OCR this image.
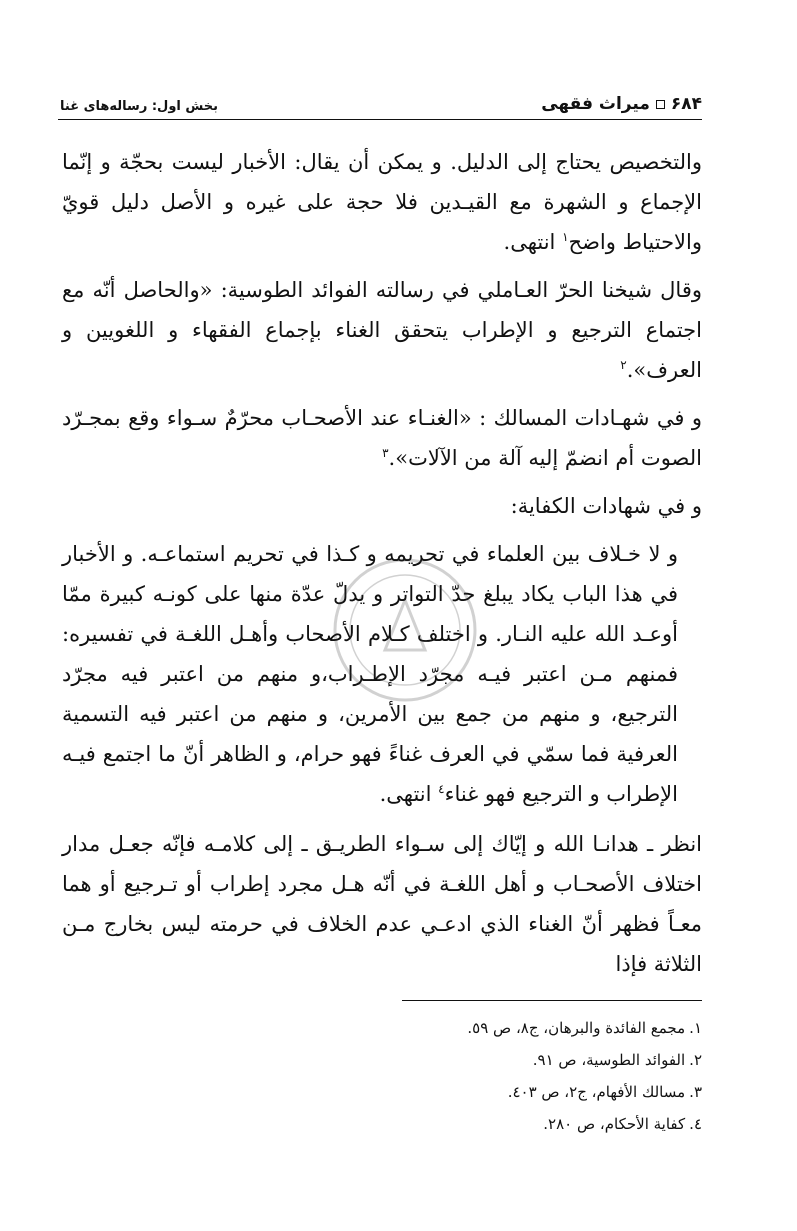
۶۸۴
میراث فقهی
بخش اول: رسالەهای غنا

والتخصيص يحتاج إلى الدليل. و يمكن أن يقال: الأخبار ليست بحجّة و إنّما الإجماع و الشهرة مع القيـدين فلا حجة على غيره و الأصل دليل قويّ والاحتياط واضح$^١$ انتهى.

وقال شيخنا الحرّ العـاملي في رسالته الفوائد الطوسية: «والحاصل أنّه مع اجتماع الترجيع و الإطراب يتحقق الغناء بإجماع الفقهاء و اللغويين و العرف».$^٢$

و في شهـادات المسالك : «الغنـاء عند الأصحـاب محرّمٌ سـواء وقع بمجـرّد الصوت أم انضمّ إليه آلة من الآلات».$^٣$

و في شهادات الكفاية:

و لا خـلاف بين العلماء في تحريمه و كـذا في تحريم استماعـه. و الأخبار في هذا الباب يكاد يبلغ حدّ التواتر و يدلّ عدّة منها على كونـه كبيرة ممّا أوعـد الله عليه النـار. و اختلف كـلام الأصحاب وأهـل اللغـة في تفسيره: فمنهم مـن اعتبر فيـه مجرّد الإطـراب،و منهم من اعتبر فيه مجرّد الترجيع، و منهم من جمع بين الأمرين، و منهم من اعتبر فيه التسمية العرفية فما سمّي في العرف غناءً فهو حرام، و الظاهر أنّ ما اجتمع فيـه الإطراب و الترجيع فهو غناء$^٤$ انتهى.

انظر ـ هدانـا الله و إيّاك إلى سـواء الطريـق ـ إلى كلامـه فإنّه جعـل مدار اختلاف الأصحـاب و أهل اللغـة في أنّه هـل مجرد إطراب أو تـرجيع أو هما معـاً فظهر أنّ الغناء الذي ادعـي عدم الخلاف في حرمته ليس بخارج مـن الثلاثة فإذا

١.مجمع الفائدة والبرهان، ج٨، ص ٥٩.

٢.الفوائد الطوسية، ص ٩١.

٣.مسالك الأفهام، ج٢، ص ٤٠٣.

٤.كفاية الأحكام، ص ٢٨٠.
